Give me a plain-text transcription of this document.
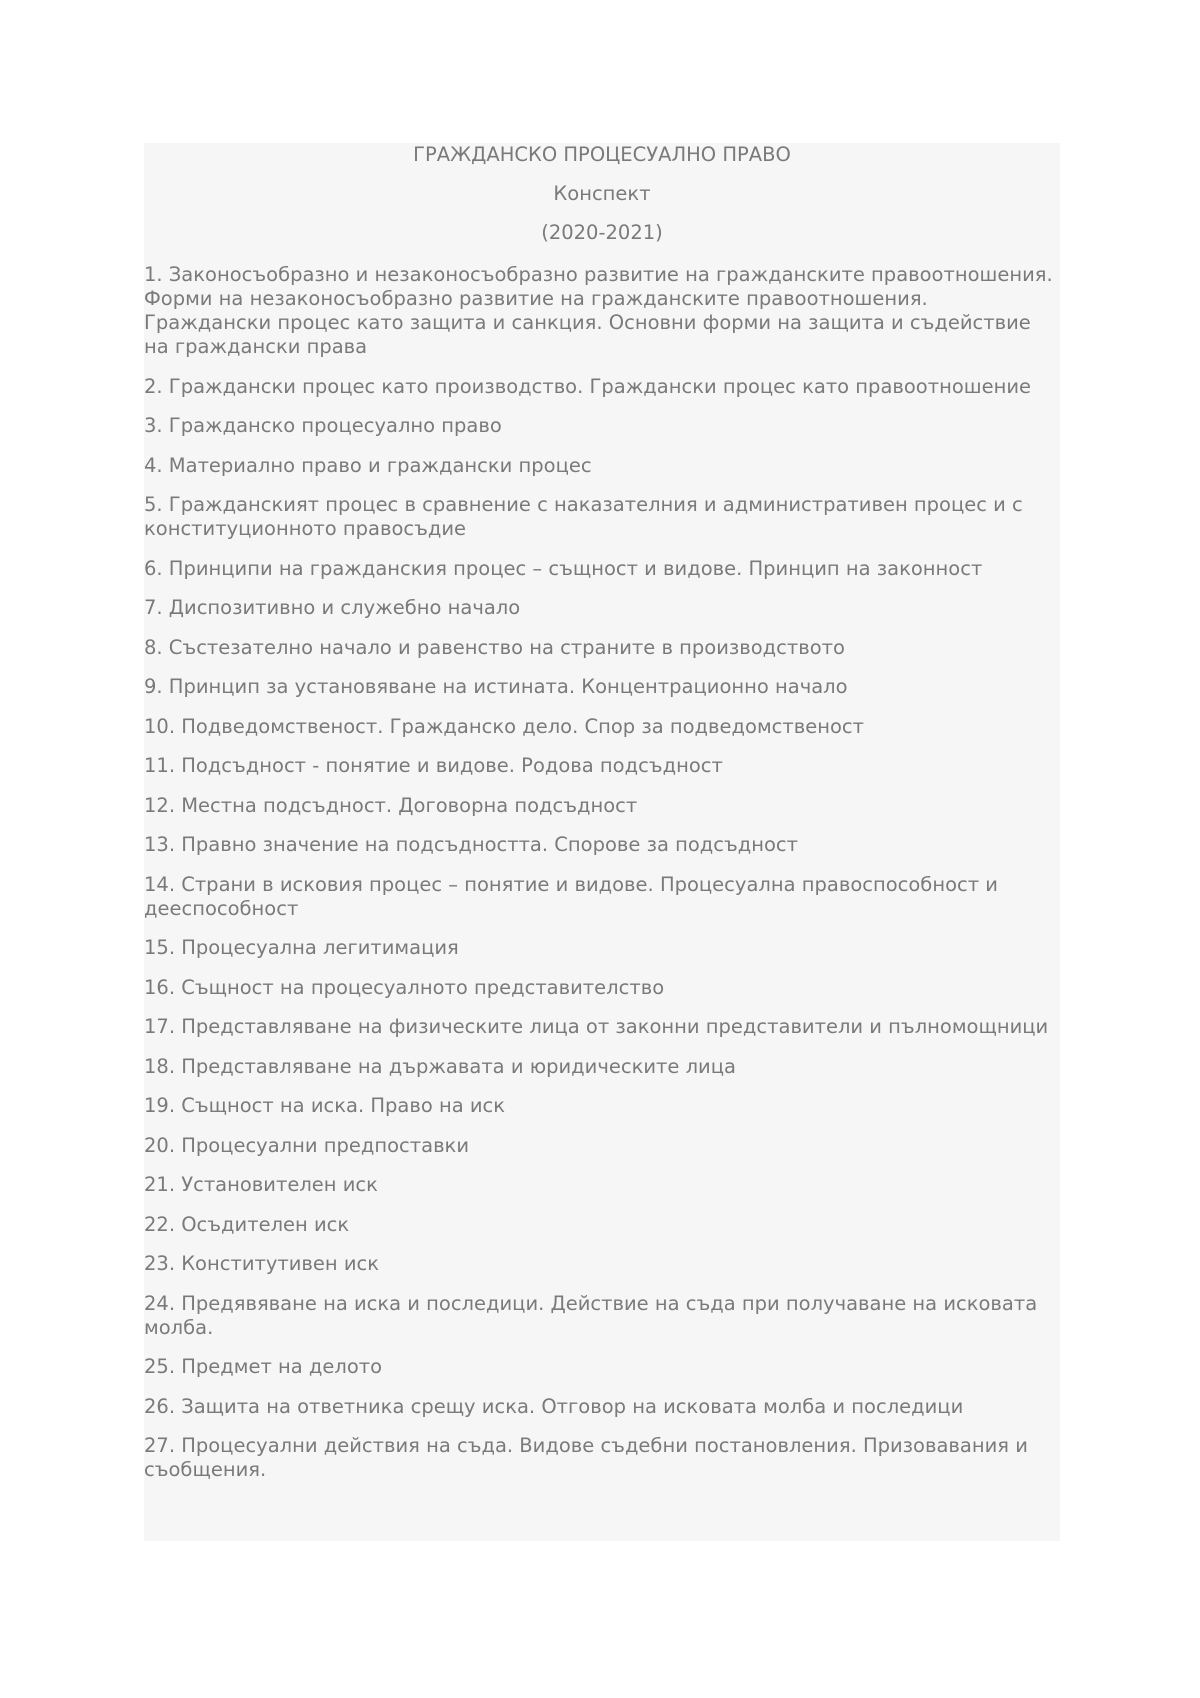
ГРАЖДАНСКО ПРОЦЕСУАЛНО ПРАВО

Конспект

(2020-2021)

1. Законосъобразно и незаконосъобразно развитие на гражданските правоотношения. Форми на незаконосъобразно развитие на гражданските правоотношения. Граждански процес като защита и санкция. Основни форми на защита и съдействие на граждански права
2. Граждански процес като производство. Граждански процес като правоотношение
3. Гражданско процесуално право
4. Материално право и граждански процес
5. Гражданският процес в сравнение с наказателния и административен процес и с конституционното правосъдие
6. Принципи на гражданския процес – същност и видове. Принцип на законност
7. Диспозитивно и служебно начало
8. Състезателно начало и равенство на страните в производството
9. Принцип за установяване на истината. Концентрационно начало
10. Подведомственост. Гражданско дело. Спор за подведомственост
11. Подсъдност - понятие и видове. Родова подсъдност
12. Местна подсъдност. Договорна подсъдност
13. Правно значение на подсъдността. Спорове за подсъдност
14. Страни в исковия процес – понятие и видове. Процесуална правоспособност и дееспособност
15. Процесуална легитимация
16. Същност на процесуалното представителство
17. Представляване на физическите лица от законни представители и пълномощници
18. Представляване на държавата и юридическите лица
19. Същност на иска. Право на иск
20. Процесуални предпоставки
21. Установителен иск
22. Осъдителен иск
23. Конститутивен иск
24. Предявяване на иска и последици. Действие на съда при получаване на исковата молба.
25. Предмет на делото
26. Защита на ответника срещу иска. Отговор на исковата молба и последици
27. Процесуални действия на съда. Видове съдебни постановления. Призовавания и съобщения.
